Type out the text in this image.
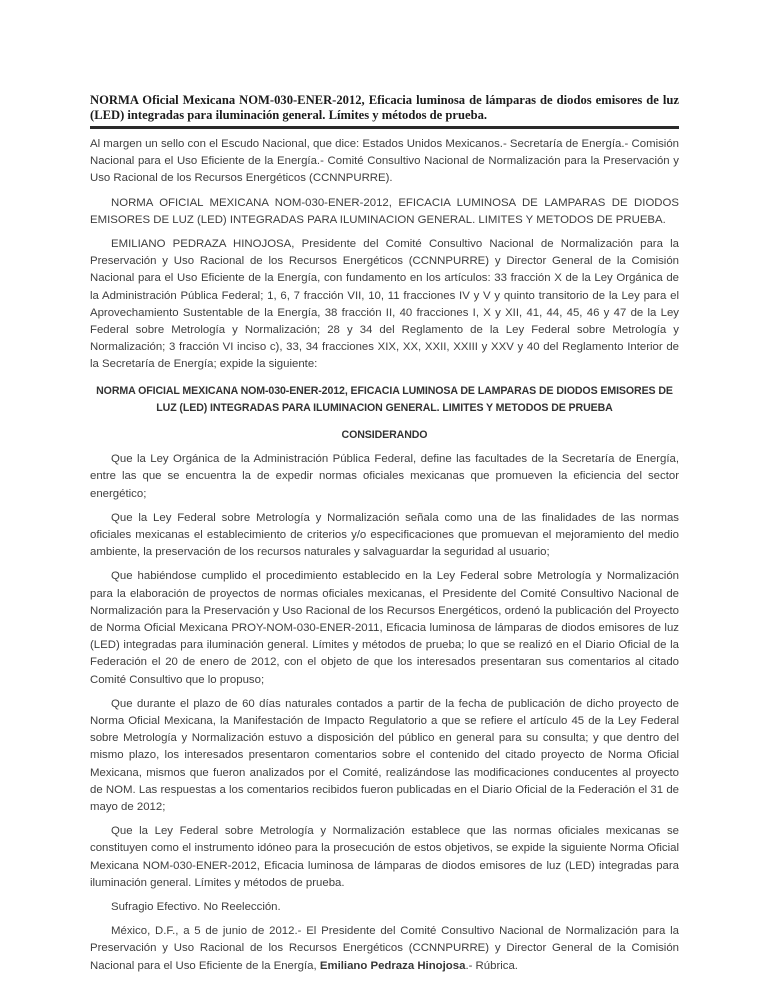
NORMA Oficial Mexicana NOM-030-ENER-2012, Eficacia luminosa de lámparas de diodos emisores de luz (LED) integradas para iluminación general. Límites y métodos de prueba.

Al margen un sello con el Escudo Nacional, que dice: Estados Unidos Mexicanos.- Secretaría de Energía.- Comisión Nacional para el Uso Eficiente de la Energía.- Comité Consultivo Nacional de Normalización para la Preservación y Uso Racional de los Recursos Energéticos (CCNNPURRE).

NORMA OFICIAL MEXICANA NOM-030-ENER-2012, EFICACIA LUMINOSA DE LAMPARAS DE DIODOS EMISORES DE LUZ (LED) INTEGRADAS PARA ILUMINACION GENERAL. LIMITES Y METODOS DE PRUEBA.

EMILIANO PEDRAZA HINOJOSA, Presidente del Comité Consultivo Nacional de Normalización para la Preservación y Uso Racional de los Recursos Energéticos (CCNNPURRE) y Director General de la Comisión Nacional para el Uso Eficiente de la Energía, con fundamento en los artículos: 33 fracción X de la Ley Orgánica de la Administración Pública Federal; 1, 6, 7 fracción VII, 10, 11 fracciones IV y V y quinto transitorio de la Ley para el Aprovechamiento Sustentable de la Energía, 38 fracción II, 40 fracciones I, X y XII, 41, 44, 45, 46 y 47 de la Ley Federal sobre Metrología y Normalización; 28 y 34 del Reglamento de la Ley Federal sobre Metrología y Normalización; 3 fracción VI inciso c), 33, 34 fracciones XIX, XX, XXII, XXIII y XXV y 40 del Reglamento Interior de la Secretaría de Energía; expide la siguiente:

NORMA OFICIAL MEXICANA NOM-030-ENER-2012, EFICACIA LUMINOSA DE LAMPARAS DE DIODOS EMISORES DE LUZ (LED) INTEGRADAS PARA ILUMINACION GENERAL. LIMITES Y METODOS DE PRUEBA
CONSIDERANDO

Que la Ley Orgánica de la Administración Pública Federal, define las facultades de la Secretaría de Energía, entre las que se encuentra la de expedir normas oficiales mexicanas que promueven la eficiencia del sector energético;

Que la Ley Federal sobre Metrología y Normalización señala como una de las finalidades de las normas oficiales mexicanas el establecimiento de criterios y/o especificaciones que promuevan el mejoramiento del medio ambiente, la preservación de los recursos naturales y salvaguardar la seguridad al usuario;

Que habiéndose cumplido el procedimiento establecido en la Ley Federal sobre Metrología y Normalización para la elaboración de proyectos de normas oficiales mexicanas, el Presidente del Comité Consultivo Nacional de Normalización para la Preservación y Uso Racional de los Recursos Energéticos, ordenó la publicación del Proyecto de Norma Oficial Mexicana PROY-NOM-030-ENER-2011, Eficacia luminosa de lámparas de diodos emisores de luz (LED) integradas para iluminación general. Límites y métodos de prueba; lo que se realizó en el Diario Oficial de la Federación el 20 de enero de 2012, con el objeto de que los interesados presentaran sus comentarios al citado Comité Consultivo que lo propuso;

Que durante el plazo de 60 días naturales contados a partir de la fecha de publicación de dicho proyecto de Norma Oficial Mexicana, la Manifestación de Impacto Regulatorio a que se refiere el artículo 45 de la Ley Federal sobre Metrología y Normalización estuvo a disposición del público en general para su consulta; y que dentro del mismo plazo, los interesados presentaron comentarios sobre el contenido del citado proyecto de Norma Oficial Mexicana, mismos que fueron analizados por el Comité, realizándose las modificaciones conducentes al proyecto de NOM. Las respuestas a los comentarios recibidos fueron publicadas en el Diario Oficial de la Federación el 31 de mayo de 2012;

Que la Ley Federal sobre Metrología y Normalización establece que las normas oficiales mexicanas se constituyen como el instrumento idóneo para la prosecución de estos objetivos, se expide la siguiente Norma Oficial Mexicana NOM-030-ENER-2012, Eficacia luminosa de lámparas de diodos emisores de luz (LED) integradas para iluminación general. Límites y métodos de prueba.

Sufragio Efectivo. No Reelección.

México, D.F., a 5 de junio de 2012.- El Presidente del Comité Consultivo Nacional de Normalización para la Preservación y Uso Racional de los Recursos Energéticos (CCNNPURRE) y Director General de la Comisión Nacional para el Uso Eficiente de la Energía, Emiliano Pedraza Hinojosa.- Rúbrica.
